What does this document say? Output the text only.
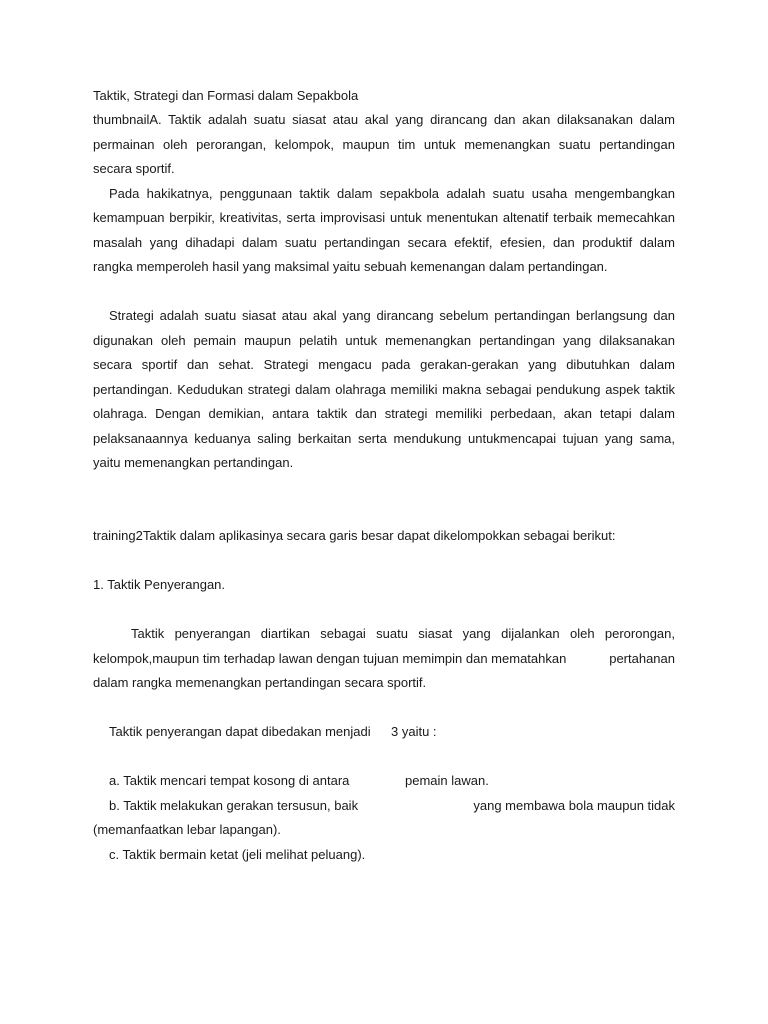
Taktik, Strategi dan Formasi dalam Sepakbola
thumbnailA. Taktik adalah suatu siasat atau akal yang dirancang dan akan dilaksanakan dalam
permainan oleh perorangan, kelompok, maupun tim untuk memenangkan suatu pertandingan
secara sportif.
Pada hakikatnya, penggunaan taktik dalam sepakbola adalah suatu usaha mengembangkan
kemampuan berpikir, kreativitas, serta improvisasi untuk menentukan altenatif terbaik memecahkan
masalah yang dihadapi dalam suatu pertandingan secara efektif, efesien, dan produktif dalam
rangka memperoleh hasil yang maksimal yaitu sebuah kemenangan dalam pertandingan.
Strategi adalah suatu siasat atau akal yang dirancang sebelum pertandingan berlangsung dan
digunakan oleh pemain maupun pelatih untuk memenangkan pertandingan yang dilaksanakan
secara sportif dan sehat. Strategi mengacu pada gerakan-gerakan yang dibutuhkan dalam
pertandingan. Kedudukan strategi dalam olahraga memiliki makna sebagai pendukung aspek taktik
olahraga. Dengan demikian, antara taktik dan strategi memiliki perbedaan, akan tetapi dalam
pelaksanaannya keduanya saling berkaitan serta mendukung untukmencapai tujuan yang sama,
yaitu memenangkan pertandingan.
training2Taktik dalam aplikasinya secara garis besar dapat dikelompokkan sebagai berikut:
1. Taktik Penyerangan.
Taktik penyerangan diartikan sebagai suatu siasat yang dijalankan oleh perorongan,
kelompok,maupun tim terhadap lawan dengan tujuan memimpin dan mematahkan	pertahanan
dalam rangka memenangkan pertandingan secara sportif.
Taktik penyerangan dapat dibedakan menjadi 3 yaitu :
a. Taktik mencari tempat kosong di antara	pemain lawan.
b. Taktik melakukan gerakan tersusun, baik	yang membawa bola maupun tidak
(memanfaatkan lebar lapangan).
c. Taktik bermain ketat (jeli melihat peluang).
